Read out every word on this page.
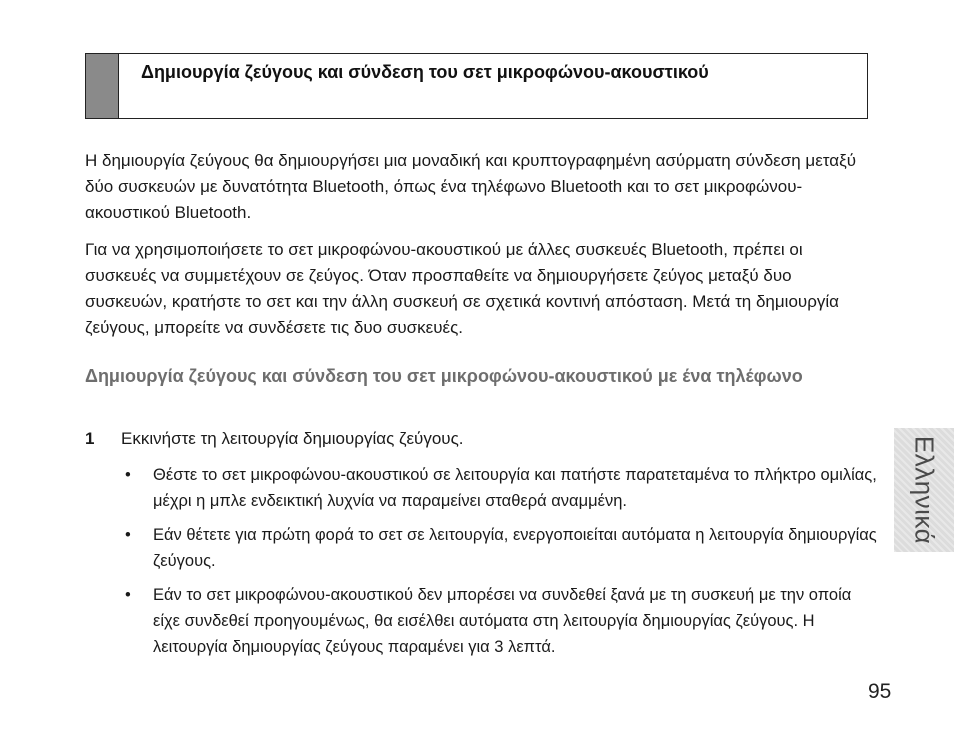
Δημιουργία ζεύγους και σύνδεση του σετ μικροφώνου-ακουστικού

Η δημιουργία ζεύγους θα δημιουργήσει μια μοναδική και κρυπτογραφημένη ασύρματη σύνδεση μεταξύ δύο συσκευών με δυνατότητα Bluetooth, όπως ένα τηλέφωνο Bluetooth και το σετ μικροφώνου-ακουστικού Bluetooth.

Για να χρησιμοποιήσετε το σετ μικροφώνου-ακουστικού με άλλες συσκευές Bluetooth, πρέπει οι συσκευές να συμμετέχουν σε ζεύγος. Όταν προσπαθείτε να δημιουργήσετε ζεύγος μεταξύ δυο συσκευών, κρατήστε το σετ και την άλλη συσκευή σε σχετικά κοντινή απόσταση. Μετά τη δημιουργία ζεύγους, μπορείτε να συνδέσετε τις δυο συσκευές.

Δημιουργία ζεύγους και σύνδεση του σετ μικροφώνου-ακουστικού με ένα τηλέφωνο
1	Εκκινήστε τη λειτουργία δημιουργίας ζεύγους.
•	Θέστε το σετ μικροφώνου-ακουστικού σε λειτουργία και πατήστε παρατεταμένα το πλήκτρο ομιλίας, μέχρι η μπλε ενδεικτική λυχνία να παραμείνει σταθερά αναμμένη.
•	Εάν θέτετε για πρώτη φορά το σετ σε λειτουργία, ενεργοποιείται αυτόματα η λειτουργία δημιουργίας ζεύγους.
•	Εάν το σετ μικροφώνου-ακουστικού δεν μπορέσει να συνδεθεί ξανά με τη συσκευή με την οποία είχε συνδεθεί προηγουμένως, θα εισέλθει αυτόματα στη λειτουργία δημιουργίας ζεύγους. Η λειτουργία δημιουργίας ζεύγους παραμένει για 3 λεπτά.
Ελληνικά
95
